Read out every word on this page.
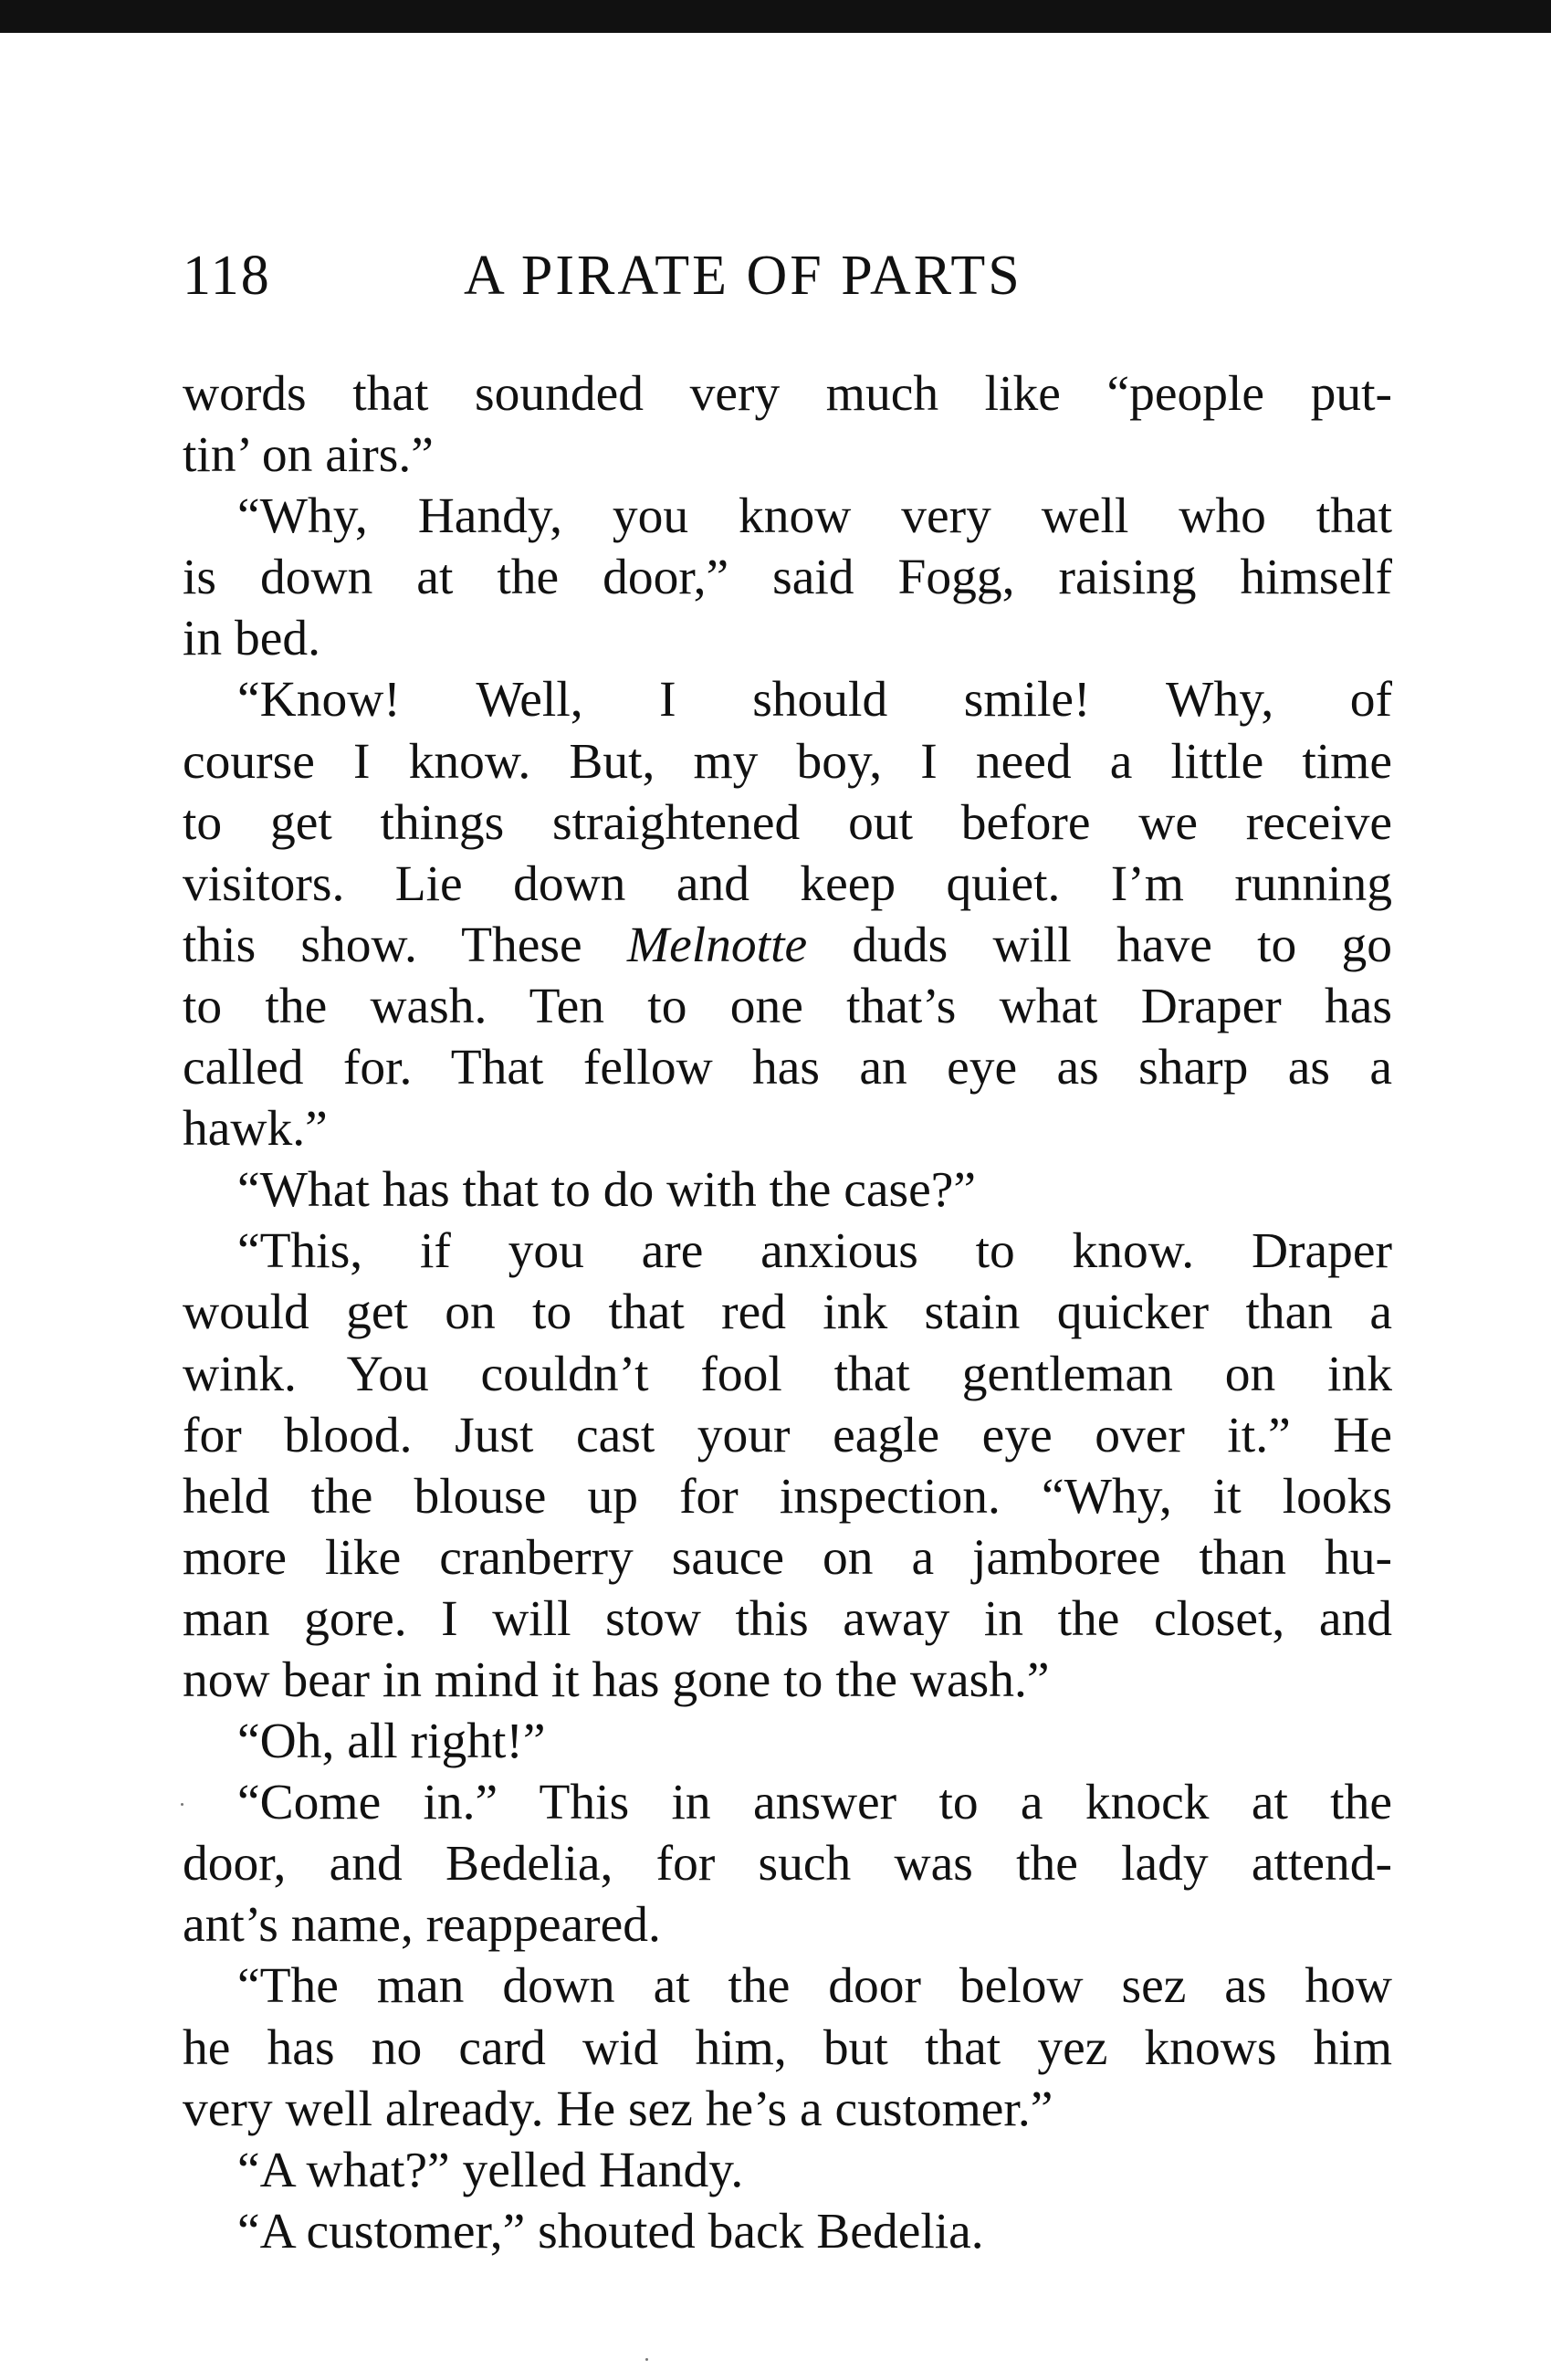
118	A PIRATE OF PARTS
words that sounded very much like “people put-
tin’ on airs.”
“Why, Handy, you know very well who that
is down at the door,” said Fogg, raising himself
in bed.
“Know! Well, I should smile! Why, of
course I know. But, my boy, I need a little time
to get things straightened out before we receive
visitors. Lie down and keep quiet. I’m running
this show. These Melnotte duds will have to go
to the wash. Ten to one that’s what Draper has
called for. That fellow has an eye as sharp as a
hawk.”
“What has that to do with the case?”
“This, if you are anxious to know. Draper
would get on to that red ink stain quicker than a
wink. You couldn’t fool that gentleman on ink
for blood. Just cast your eagle eye over it.” He
held the blouse up for inspection. “Why, it looks
more like cranberry sauce on a jamboree than hu-
man gore. I will stow this away in the closet, and
now bear in mind it has gone to the wash.”
“Oh, all right!”
“Come in.” This in answer to a knock at the
door, and Bedelia, for such was the lady attend-
ant’s name, reappeared.
“The man down at the door below sez as how
he has no card wid him, but that yez knows him
very well already. He sez he’s a customer.”
“A what?” yelled Handy.
“A customer,” shouted back Bedelia.
